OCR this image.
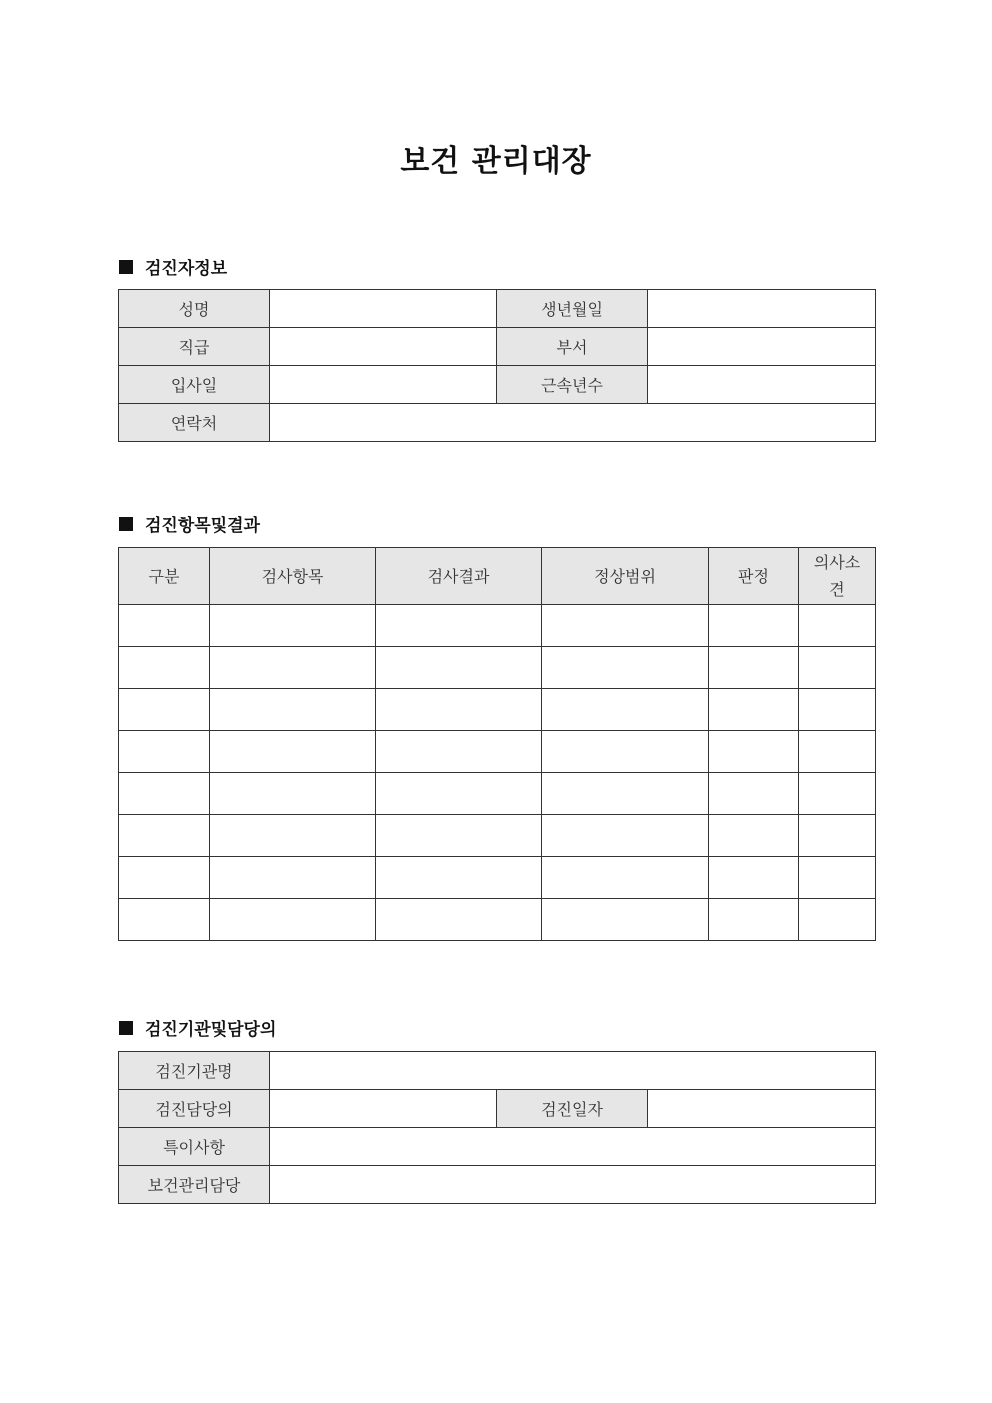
보건 관리대장
검진자정보
성명		생년월일	
직급		부서	
입사일		근속년수	
연락처			
검진항목및결과
구분	검사항목	검사결과	정상범위	판정	의사소견

검진기관및담당의
검진기관명			
검진담당의		검진일자	
특이사항			
보건관리담당			
